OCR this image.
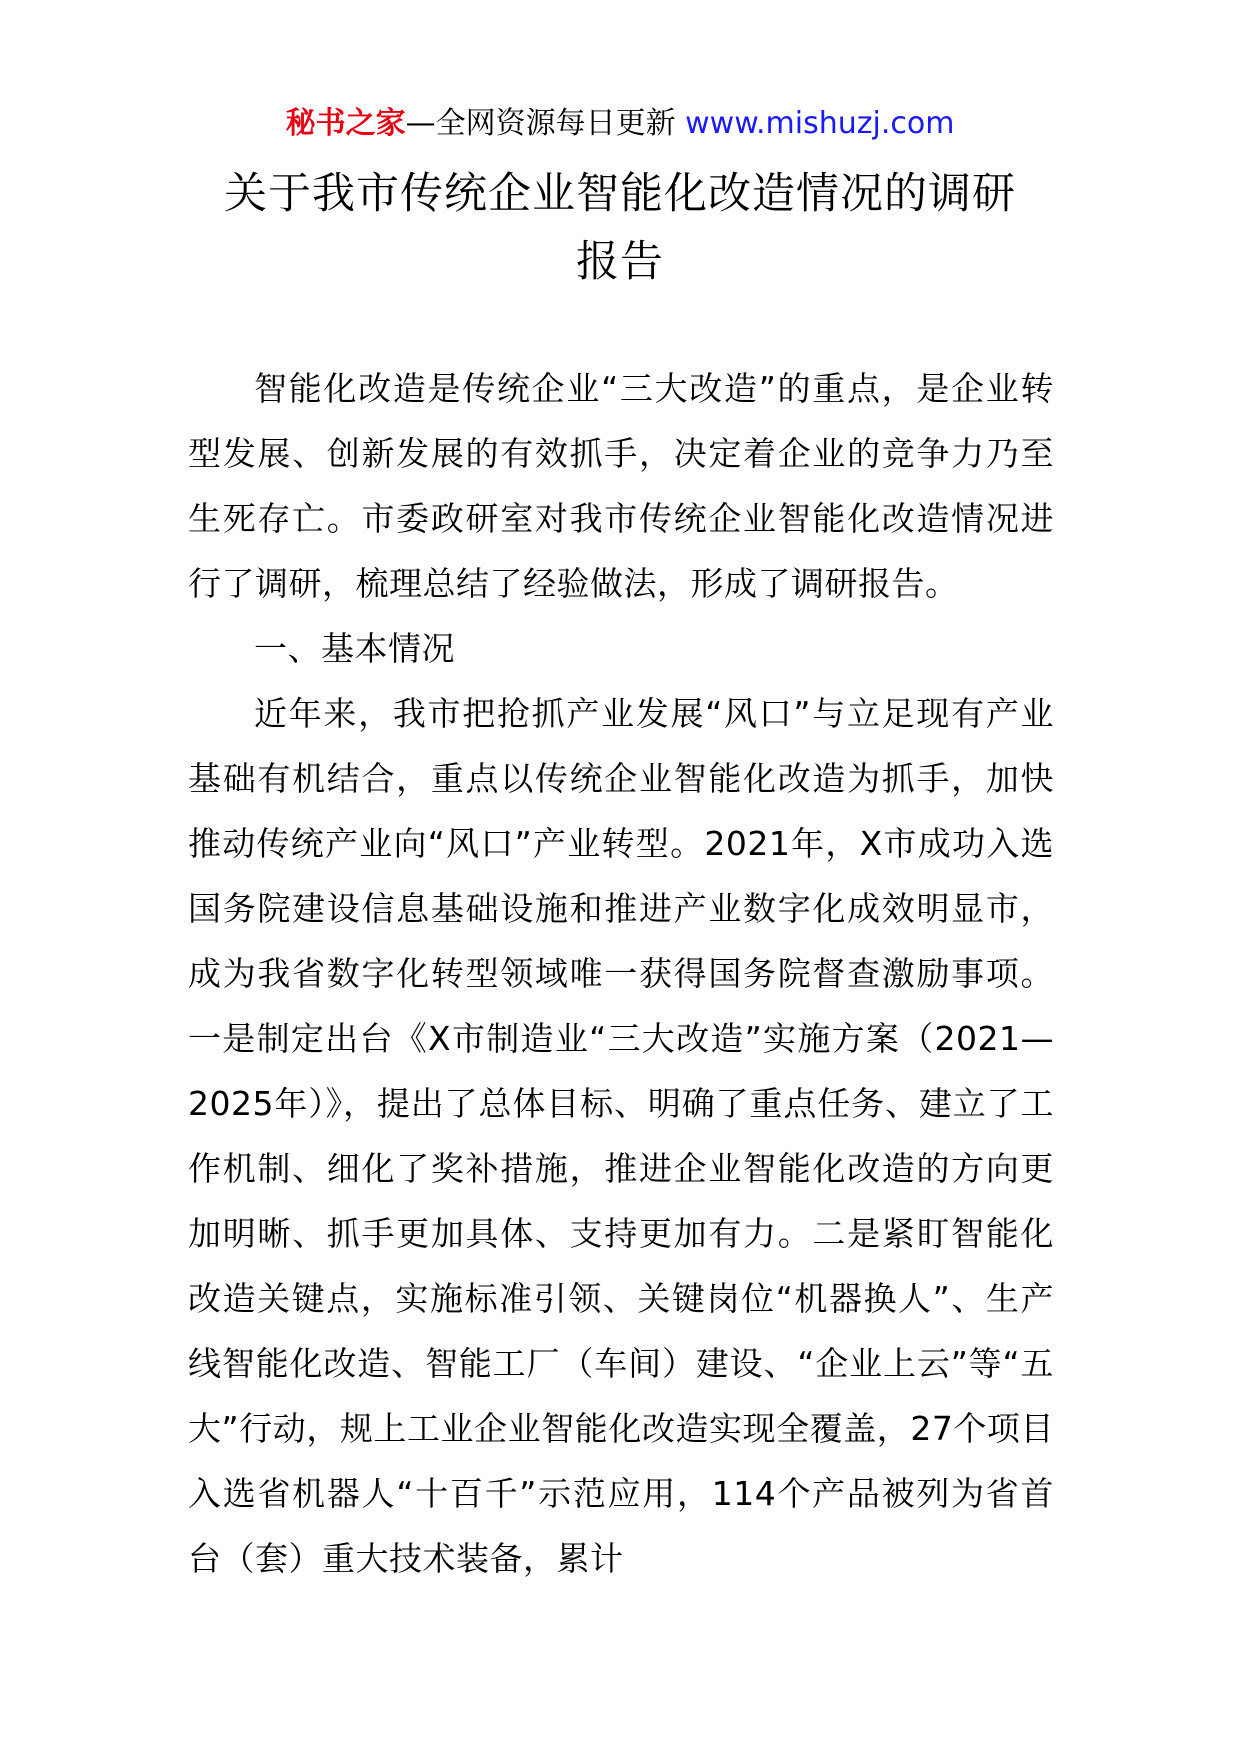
秘书之家—全网资源每日更新 www.mishuzj.com
关于我市传统企业智能化改造情况的调研
报告

智能化改造是传统企业“三大改造”的重点，是企业转型发展、创新发展的有效抓手，决定着企业的竞争力乃至生死存亡。市委政研室对我市传统企业智能化改造情况进行了调研，梳理总结了经验做法，形成了调研报告。

一、基本情况

近年来，我市把抢抓产业发展“风口”与立足现有产业基础有机结合，重点以传统企业智能化改造为抓手，加快推动传统产业向“风口”产业转型。2021年，X市成功入选国务院建设信息基础设施和推进产业数字化成效明显市，成为我省数字化转型领域唯一获得国务院督查激励事项。一是制定出台《X市制造业“三大改造”实施方案（2021—2025年）》，提出了总体目标、明确了重点任务、建立了工作机制、细化了奖补措施，推进企业智能化改造的方向更加明晰、抓手更加具体、支持更加有力。二是紧盯智能化改造关键点，实施标准引领、关键岗位“机器换人”、生产线智能化改造、智能工厂（车间）建设、“企业上云”等“五大”行动，规上工业企业智能化改造实现全覆盖，27个项目入选省机器人“十百千”示范应用，114个产品被列为省首台（套）重大技术装备，累计
